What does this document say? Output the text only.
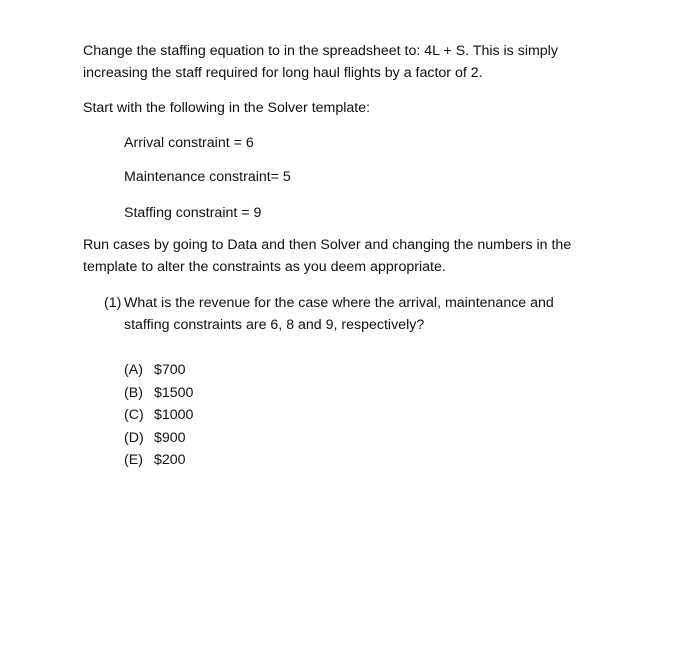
Change the staffing equation to in the spreadsheet to: 4L + S. This is simply increasing the staff required for long haul flights by a factor of 2.

Start with the following in the Solver template:

Arrival constraint = 6

Maintenance constraint= 5

Staffing constraint = 9

Run cases by going to Data and then Solver and changing the numbers in the template to alter the constraints as you deem appropriate.

(1) What is the revenue for the case where the arrival, maintenance and staffing constraints are 6, 8 and 9, respectively?
(A) $700
(B) $1500
(C) $1000
(D) $900
(E) $200
